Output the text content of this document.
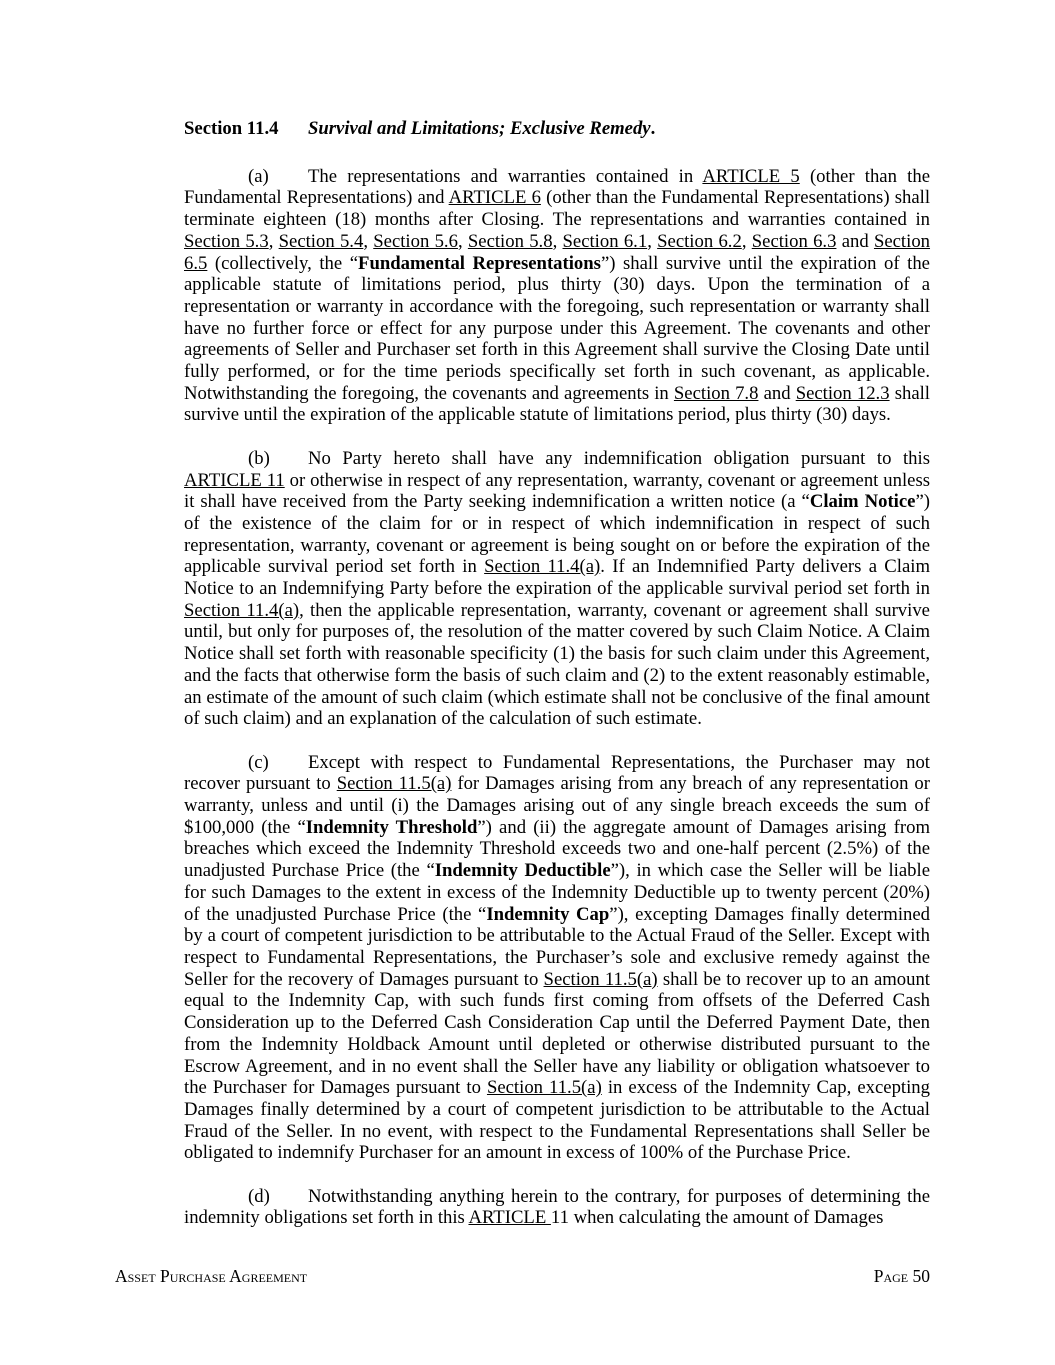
Section 11.4 Survival and Limitations; Exclusive Remedy.

(a) The representations and warranties contained in ARTICLE 5 (other than the Fundamental Representations) and ARTICLE 6 (other than the Fundamental Representations) shall terminate eighteen (18) months after Closing. The representations and warranties contained in Section 5.3, Section 5.4, Section 5.6, Section 5.8, Section 6.1, Section 6.2, Section 6.3 and Section 6.5 (collectively, the “Fundamental Representations”) shall survive until the expiration of the applicable statute of limitations period, plus thirty (30) days. Upon the termination of a representation or warranty in accordance with the foregoing, such representation or warranty shall have no further force or effect for any purpose under this Agreement. The covenants and other agreements of Seller and Purchaser set forth in this Agreement shall survive the Closing Date until fully performed, or for the time periods specifically set forth in such covenant, as applicable. Notwithstanding the foregoing, the covenants and agreements in Section 7.8 and Section 12.3 shall survive until the expiration of the applicable statute of limitations period, plus thirty (30) days.

(b) No Party hereto shall have any indemnification obligation pursuant to this ARTICLE 11 or otherwise in respect of any representation, warranty, covenant or agreement unless it shall have received from the Party seeking indemnification a written notice (a “Claim Notice”) of the existence of the claim for or in respect of which indemnification in respect of such representation, warranty, covenant or agreement is being sought on or before the expiration of the applicable survival period set forth in Section 11.4(a). If an Indemnified Party delivers a Claim Notice to an Indemnifying Party before the expiration of the applicable survival period set forth in Section 11.4(a), then the applicable representation, warranty, covenant or agreement shall survive until, but only for purposes of, the resolution of the matter covered by such Claim Notice. A Claim Notice shall set forth with reasonable specificity (1) the basis for such claim under this Agreement, and the facts that otherwise form the basis of such claim and (2) to the extent reasonably estimable, an estimate of the amount of such claim (which estimate shall not be conclusive of the final amount of such claim) and an explanation of the calculation of such estimate.

(c) Except with respect to Fundamental Representations, the Purchaser may not recover pursuant to Section 11.5(a) for Damages arising from any breach of any representation or warranty, unless and until (i) the Damages arising out of any single breach exceeds the sum of $100,000 (the “Indemnity Threshold”) and (ii) the aggregate amount of Damages arising from breaches which exceed the Indemnity Threshold exceeds two and one-half percent (2.5%) of the unadjusted Purchase Price (the “Indemnity Deductible”), in which case the Seller will be liable for such Damages to the extent in excess of the Indemnity Deductible up to twenty percent (20%) of the unadjusted Purchase Price (the “Indemnity Cap”), excepting Damages finally determined by a court of competent jurisdiction to be attributable to the Actual Fraud of the Seller. Except with respect to Fundamental Representations, the Purchaser’s sole and exclusive remedy against the Seller for the recovery of Damages pursuant to Section 11.5(a) shall be to recover up to an amount equal to the Indemnity Cap, with such funds first coming from offsets of the Deferred Cash Consideration up to the Deferred Cash Consideration Cap until the Deferred Payment Date, then from the Indemnity Holdback Amount until depleted or otherwise distributed pursuant to the Escrow Agreement, and in no event shall the Seller have any liability or obligation whatsoever to the Purchaser for Damages pursuant to Section 11.5(a) in excess of the Indemnity Cap, excepting Damages finally determined by a court of competent jurisdiction to be attributable to the Actual Fraud of the Seller. In no event, with respect to the Fundamental Representations shall Seller be obligated to indemnify Purchaser for an amount in excess of 100% of the Purchase Price.

(d) Notwithstanding anything herein to the contrary, for purposes of determining the indemnity obligations set forth in this ARTICLE 11 when calculating the amount of Damages

Asset Purchase Agreement	Page 50
